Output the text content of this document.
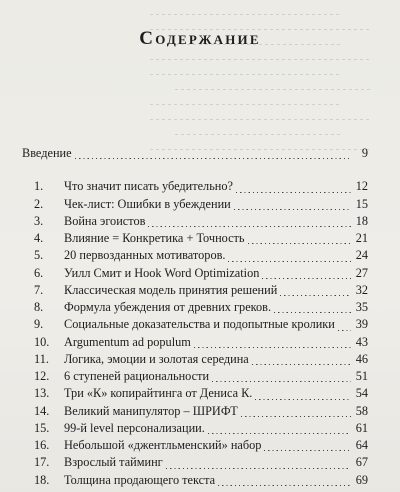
Содержание
Введение	9
1.	Что значит писать убедительно?	12
2.	Чек-лист: Ошибки в убеждении	15
3.	Война эгоистов	18
4.	Влияние = Конкретика + Точность	21
5.	20 первозданных мотиваторов.	24
6.	Уилл Смит и Hook Word Optimization	27
7.	Классическая модель принятия решений	32
8.	Формула убеждения от древних греков.	35
9.	Социальные доказательства и подопытные кролики 39
10.	Argumentum ad populum	43
11.	Логика, эмоции и золотая середина	46
12.	6 ступеней рациональности	51
13.	Три «К» копирайтинга от Дениса К.	54
14.	Великий манипулятор – ШРИФТ	58
15.	99-й level персонализации.	61
16.	Небольшой «джентльменский» набор	64
17.	Взрослый тайминг	67
18.	Толщина продающего текста	69
